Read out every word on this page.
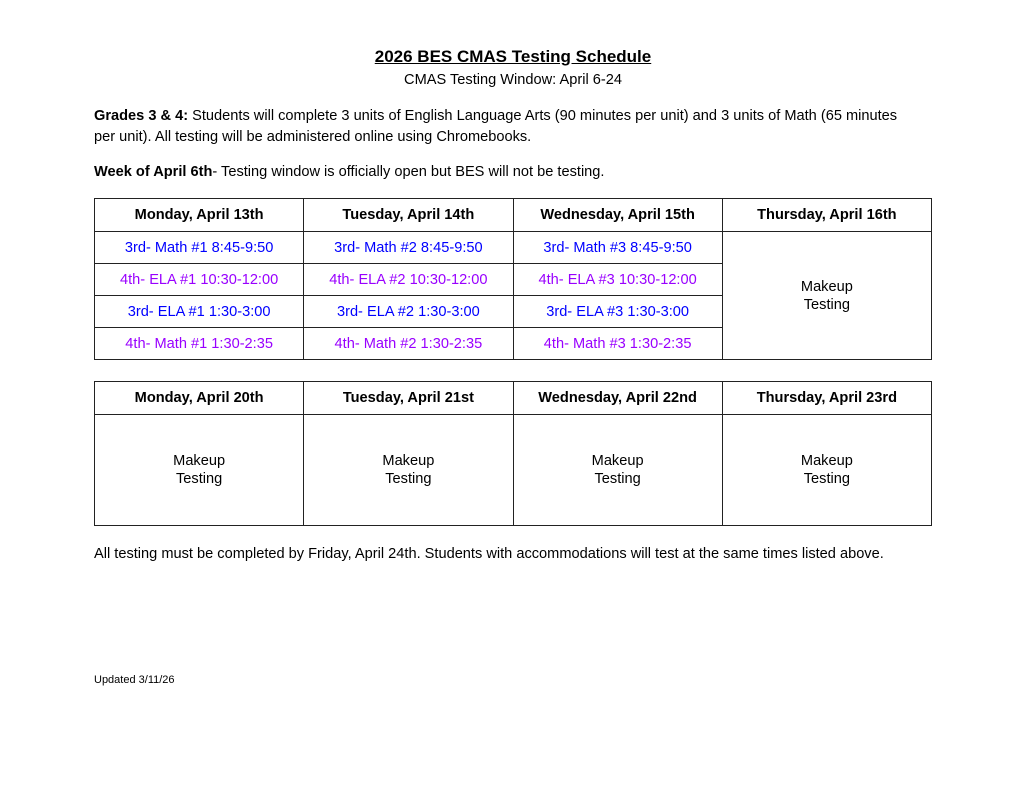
2026 BES CMAS Testing Schedule
CMAS Testing Window: April 6-24
Grades 3 & 4: Students will complete 3 units of English Language Arts (90 minutes per unit) and 3 units of Math (65 minutes per unit). All testing will be administered online using Chromebooks.
Week of April 6th- Testing window is officially open but BES will not be testing.
Monday, April 13th	Tuesday, April 14th	Wednesday, April 15th	Thursday, April 16th
3rd- Math #1 8:45-9:50	3rd- Math #2 8:45-9:50	3rd- Math #3 8:45-9:50	Makeup
Testing
4th- ELA #1 10:30-12:00	4th- ELA #2 10:30-12:00	4th- ELA #3 10:30-12:00	
3rd- ELA #1 1:30-3:00	3rd- ELA #2 1:30-3:00	3rd- ELA #3 1:30-3:00	
4th- Math #1 1:30-2:35	4th- Math #2 1:30-2:35	4th- Math #3 1:30-2:35	
Monday, April 20th	Tuesday, April 21st	Wednesday, April 22nd	Thursday, April 23rd
Makeup
Testing	Makeup
Testing	Makeup
Testing	Makeup
Testing
All testing must be completed by Friday, April 24th. Students with accommodations will test at the same times listed above.
Updated 3/11/26
